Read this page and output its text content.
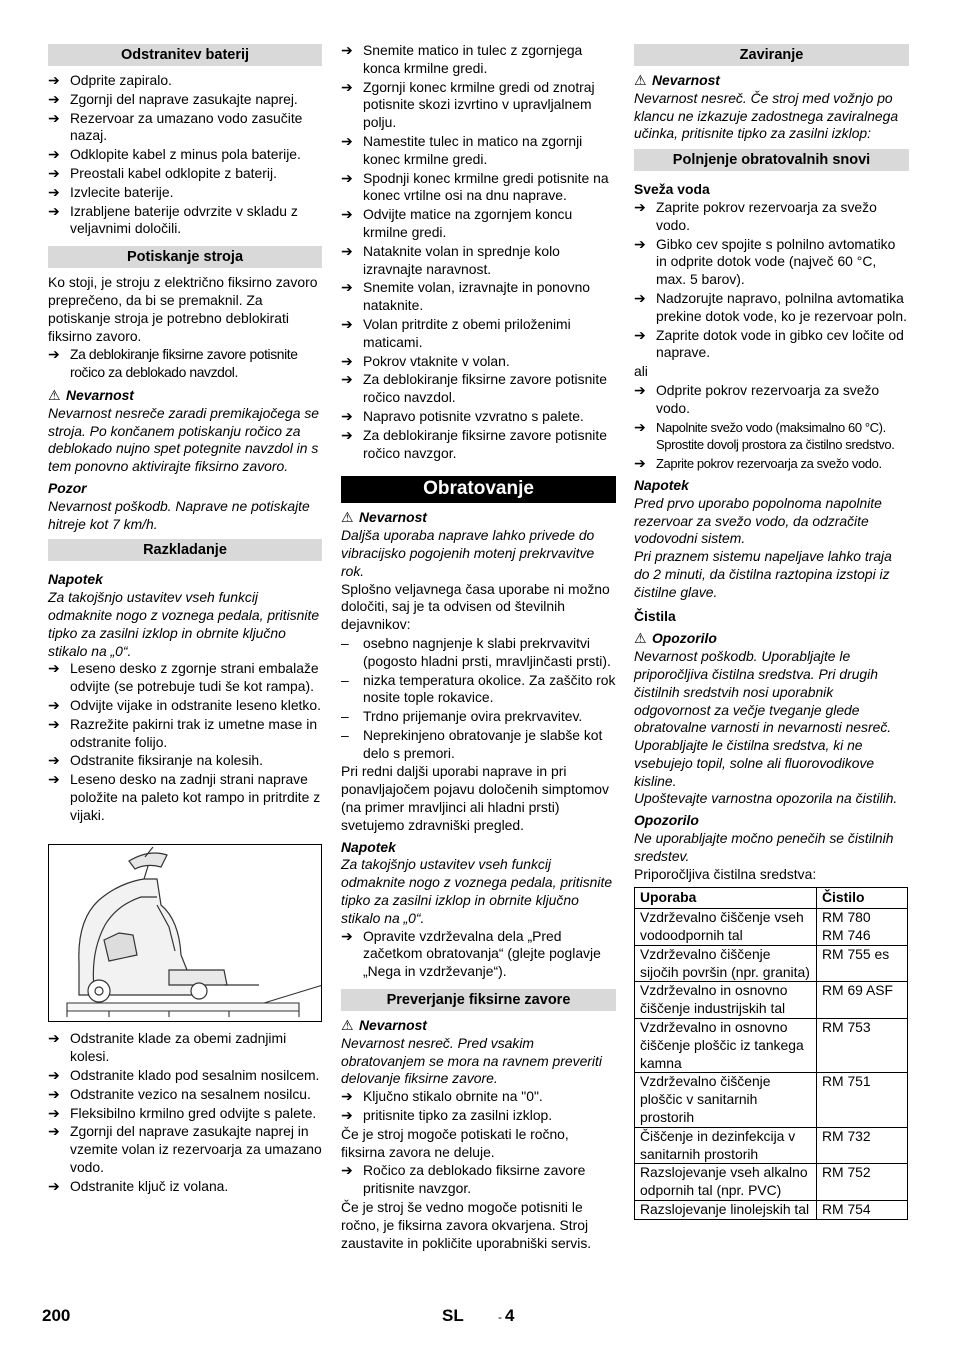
Odstranitev baterij
➔ Odprite zapiralo.
➔ Zgornji del naprave zasukajte naprej.
➔ Rezervoar za umazano vodo zasučite nazaj.
➔ Odklopite kabel z minus pola baterije.
➔ Preostali kabel odklopite z baterij.
➔ Izvlecite baterije.
➔ Izrabljene baterije odvrzite v skladu z veljavnimi določili.
Potiskanje stroja
Ko stoji, je stroju z električno fiksirno zavoro preprečeno, da bi se premaknil. Za potiskanje stroja je potrebno deblokirati fiksirno zavoro.
➔ Za deblokiranje fiksirne zavore potisnite ročico za deblokado navzdol.
⚠ Nevarnost
Nevarnost nesreče zaradi premikajočega se stroja. Po končanem potiskanju ročico za deblokado nujno spet potegnite navzdol in s tem ponovno aktivirajte fiksirno zavoro.
Pozor
Nevarnost poškodb. Naprave ne potiskajte hitreje kot 7 km/h.
Razkladanje
Napotek
Za takojšnjo ustavitev vseh funkcij odmaknite nogo z voznega pedala, pritisnite tipko za zasilni izklop in obrnite ključno stikalo na „0“.
➔ Leseno desko z zgornje strani embalaže odvijte (se potrebuje tudi še kot rampa).
➔ Odvijte vijake in odstranite leseno kletko.
➔ Razrežite pakirni trak iz umetne mase in odstranite folijo.
➔ Odstranite fiksiranje na kolesih.
➔ Leseno desko na zadnji strani naprave položite na paleto kot rampo in pritrdite z vijaki.
➔ Odstranite klade za obemi zadnjimi kolesi.
➔ Odstranite klado pod sesalnim nosilcem.
➔ Odstranite vezico na sesalnem nosilcu.
➔ Fleksibilno krmilno gred odvijte s palete.
➔ Zgornji del naprave zasukajte naprej in vzemite volan iz rezervoarja za umazano vodo.
➔ Odstranite ključ iz volana.
➔ Snemite matico in tulec z zgornjega konca krmilne gredi.
➔ Zgornji konec krmilne gredi od znotraj potisnite skozi izvrtino v upravljalnem polju.
➔ Namestite tulec in matico na zgornji konec krmilne gredi.
➔ Spodnji konec krmilne gredi potisnite na konec vrtilne osi na dnu naprave.
➔ Odvijte matice na zgornjem koncu krmilne gredi.
➔ Nataknite volan in sprednje kolo izravnajte naravnost.
➔ Snemite volan, izravnajte in ponovno nataknite.
➔ Volan pritrdite z obemi priloženimi maticami.
➔ Pokrov vtaknite v volan.
➔ Za deblokiranje fiksirne zavore potisnite ročico navzdol.
➔ Napravo potisnite vzvratno s palete.
➔ Za deblokiranje fiksirne zavore potisnite ročico navzgor.
Obratovanje
⚠ Nevarnost
Daljša uporaba naprave lahko privede do vibracijsko pogojenih motenj prekrvavitve rok.
Splošno veljavnega časa uporabe ni možno določiti, saj je ta odvisen od številnih dejavnikov:
– osebno nagnjenje k slabi prekrvavitvi (pogosto hladni prsti, mravljinčasti prsti).
– nizka temperatura okolice. Za zaščito rok nosite tople rokavice.
– Trdno prijemanje ovira prekrvavitev.
– Neprekinjeno obratovanje je slabše kot delo s premori.
Pri redni daljši uporabi naprave in pri ponavljajočem pojavu določenih simptomov (na primer mravljinci ali hladni prsti) svetujemo zdravniški pregled.
Napotek
Za takojšnjo ustavitev vseh funkcij odmaknite nogo z voznega pedala, pritisnite tipko za zasilni izklop in obrnite ključno stikalo na „0“.
➔ Opravite vzdrževalna dela „Pred začetkom obratovanja“ (glejte poglavje „Nega in vzdrževanje“).
Preverjanje fiksirne zavore
⚠ Nevarnost
Nevarnost nesreč. Pred vsakim obratovanjem se mora na ravnem preveriti delovanje fiksirne zavore.
➔ Ključno stikalo obrnite na "0".
➔ pritisnite tipko za zasilni izklop.
Če je stroj mogoče potiskati le ročno, fiksirna zavora ne deluje.
➔ Ročico za deblokado fiksirne zavore pritisnite navzgor.
Če je stroj še vedno mogoče potisniti le ročno, je fiksirna zavora okvarjena. Stroj zaustavite in pokličite uporabniški servis.
Zaviranje
⚠ Nevarnost
Nevarnost nesreč. Če stroj med vožnjo po klancu ne izkazuje zadostnega zaviralnega učinka, pritisnite tipko za zasilni izklop:
Polnjenje obratovalnih snovi
Sveža voda
➔ Zaprite pokrov rezervoarja za svežo vodo.
➔ Gibko cev spojite s polnilno avtomatiko in odprite dotok vode (največ 60 °C, max. 5 barov).
➔ Nadzorujte napravo, polnilna avtomatika prekine dotok vode, ko je rezervoar poln.
➔ Zaprite dotok vode in gibko cev ločite od naprave.
ali
➔ Odprite pokrov rezervoarja za svežo vodo.
➔ Napolnite svežo vodo (maksimalno 60 °C). Sprostite dovolj prostora za čistilno sredstvo.
➔ Zaprite pokrov rezervoarja za svežo vodo.
Napotek
Pred prvo uporabo popolnoma napolnite rezervoar za svežo vodo, da odzračite vodovodni sistem.
Pri praznem sistemu napeljave lahko traja do 2 minuti, da čistilna raztopina izstopi iz čistilne glave.
Čistila
⚠ Opozorilo
Nevarnost poškodb. Uporabljajte le priporočljiva čistilna sredstva. Pri drugih čistilnih sredstvih nosi uporabnik odgovornost za večje tveganje glede obratovalne varnosti in nevarnosti nesreč.
Uporabljajte le čistilna sredstva, ki ne vsebujejo topil, solne ali fluorovodikove kisline.
Upoštevajte varnostna opozorila na čistilih.
Opozorilo
Ne uporabljajte močno penečih se čistilnih sredstev.
Priporočljiva čistilna sredstva:
Uporaba	Čistilo
Vzdrževalno čiščenje vseh vodoodpornih tal	RM 780
RM 746
Vzdrževalno čiščenje sijočih površin (npr. granita)	RM 755 es
Vzdrževalno in osnovno čiščenje industrijskih tal	RM 69 ASF
Vzdrževalno in osnovno čiščenje ploščic iz tankega kamna	RM 753
Vzdrževalno čiščenje ploščic v sanitarnih prostorih	RM 751
Čiščenje in dezinfekcija v sanitarnih prostorih	RM 732
Razslojevanje vseh alkalno odpornih tal (npr. PVC)	RM 752
Razslojevanje linolejskih tal	RM 754
200	SL	- 4
